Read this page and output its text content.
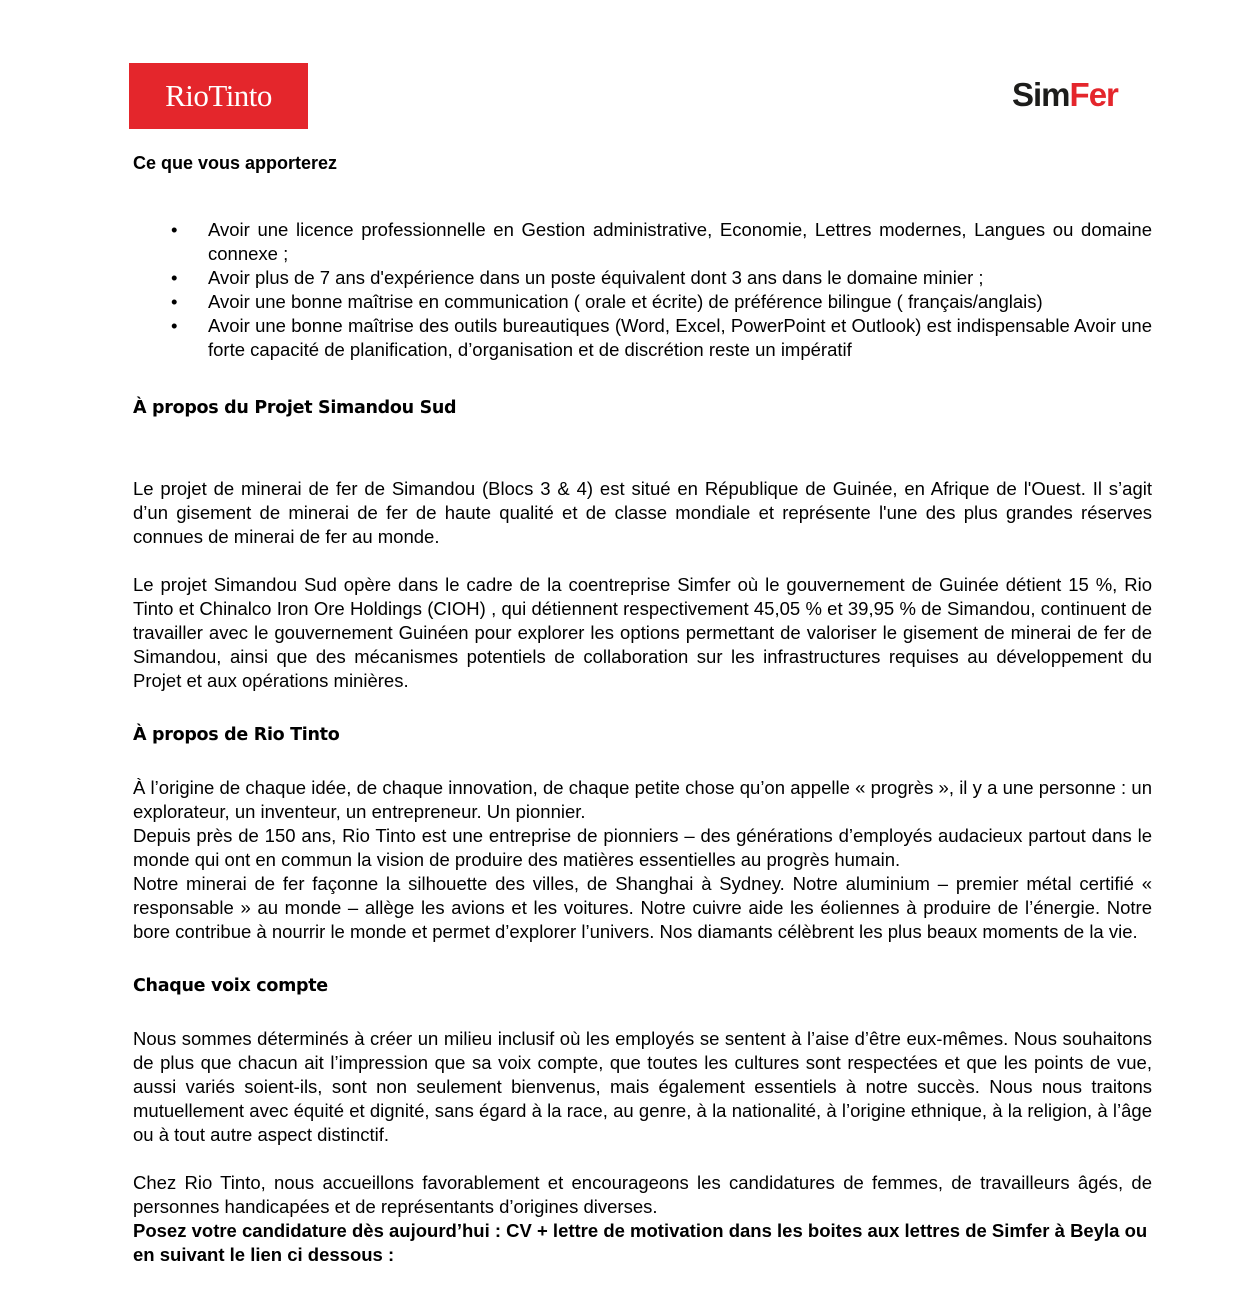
RioTinto	SimFer
Ce que vous apporterez
• Avoir une licence professionnelle en Gestion administrative, Economie, Lettres modernes, Langues ou domaine connexe ;
• Avoir plus de 7 ans d'expérience dans un poste équivalent dont 3 ans dans le domaine minier ;
• Avoir une bonne maîtrise en communication ( orale et écrite) de préférence bilingue ( français/anglais)
• Avoir une bonne maîtrise des outils bureautiques (Word, Excel, PowerPoint et Outlook) est indispensable Avoir une forte capacité de planification, d’organisation et de discrétion reste un impératif
À propos du Projet Simandou Sud

Le projet de minerai de fer de Simandou (Blocs 3 & 4) est situé en République de Guinée, en Afrique de l'Ouest. Il s’agit d’un gisement de minerai de fer de haute qualité et de classe mondiale et représente l'une des plus grandes réserves connues de minerai de fer au monde.

Le projet Simandou Sud opère dans le cadre de la coentreprise Simfer où le gouvernement de Guinée détient 15 %, Rio Tinto et Chinalco Iron Ore Holdings (CIOH) , qui détiennent respectivement 45,05 % et 39,95 % de Simandou, continuent de travailler avec le gouvernement Guinéen pour explorer les options permettant de valoriser le gisement de minerai de fer de Simandou, ainsi que des mécanismes potentiels de collaboration sur les infrastructures requises au développement du Projet et aux opérations minières.

À propos de Rio Tinto

À l’origine de chaque idée, de chaque innovation, de chaque petite chose qu’on appelle « progrès », il y a une personne : un explorateur, un inventeur, un entrepreneur. Un pionnier.

Depuis près de 150 ans, Rio Tinto est une entreprise de pionniers – des générations d’employés audacieux partout dans le monde qui ont en commun la vision de produire des matières essentielles au progrès humain.

Notre minerai de fer façonne la silhouette des villes, de Shanghai à Sydney. Notre aluminium – premier métal certifié « responsable » au monde – allège les avions et les voitures. Notre cuivre aide les éoliennes à produire de l’énergie. Notre bore contribue à nourrir le monde et permet d’explorer l’univers. Nos diamants célèbrent les plus beaux moments de la vie.

Chaque voix compte

Nous sommes déterminés à créer un milieu inclusif où les employés se sentent à l’aise d’être eux-mêmes. Nous souhaitons de plus que chacun ait l’impression que sa voix compte, que toutes les cultures sont respectées et que les points de vue, aussi variés soient-ils, sont non seulement bienvenus, mais également essentiels à notre succès. Nous nous traitons mutuellement avec équité et dignité, sans égard à la race, au genre, à la nationalité, à l’origine ethnique, à la religion, à l’âge ou à tout autre aspect distinctif.

Chez Rio Tinto, nous accueillons favorablement et encourageons les candidatures de femmes, de travailleurs âgés, de personnes handicapées et de représentants d’origines diverses.

Posez votre candidature dès aujourd’hui : CV + lettre de motivation dans les boites aux lettres de Simfer à Beyla ou en suivant le lien ci dessous :
